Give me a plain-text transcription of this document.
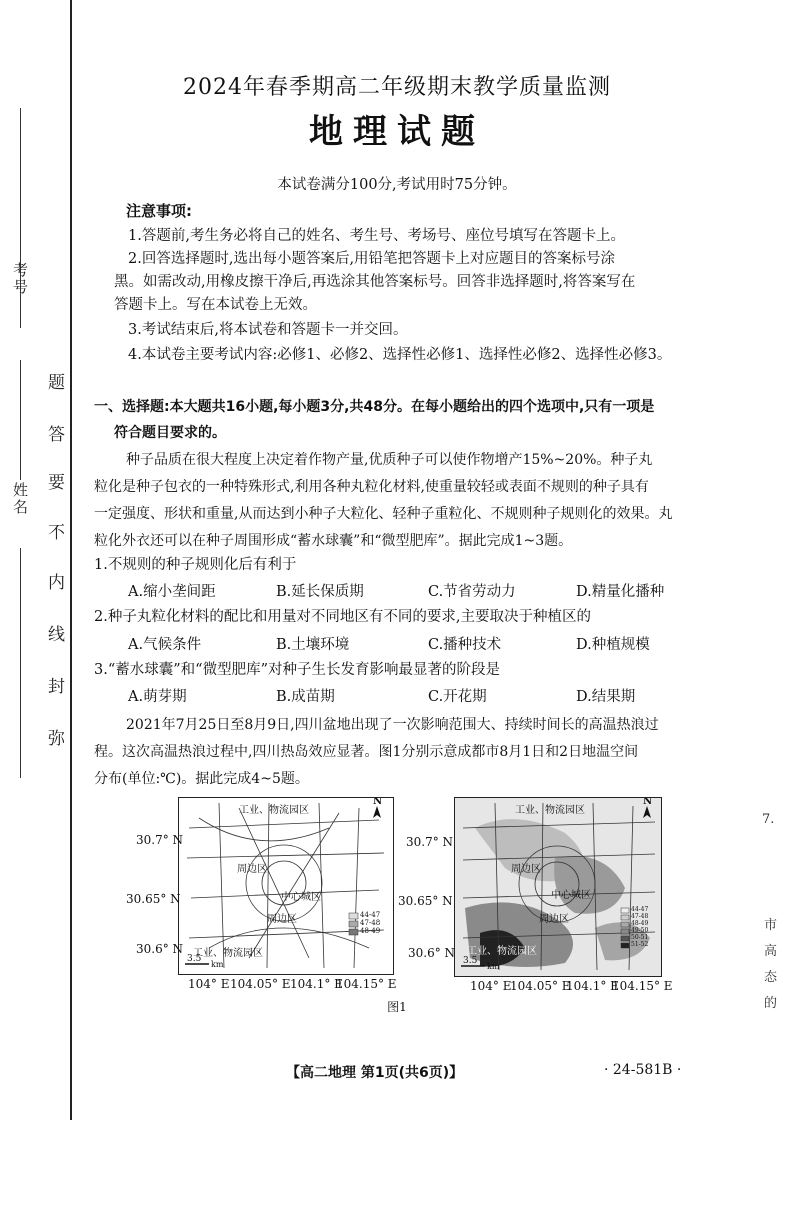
考号
姓名
题
答
要
不
内
线
封
弥
2024年春季期高二年级期末教学质量监测
地理试题
本试卷满分100分,考试用时75分钟。
注意事项:
1.答题前,考生务必将自己的姓名、考生号、考场号、座位号填写在答题卡上。
2.回答选择题时,选出每小题答案后,用铅笔把答题卡上对应题目的答案标号涂
黑。如需改动,用橡皮擦干净后,再选涂其他答案标号。回答非选择题时,将答案写在
答题卡上。写在本试卷上无效。
3.考试结束后,将本试卷和答题卡一并交回。
4.本试卷主要考试内容:必修1、必修2、选择性必修1、选择性必修2、选择性必修3。
一、选择题:本大题共16小题,每小题3分,共48分。在每小题给出的四个选项中,只有一项是
符合题目要求的。
种子品质在很大程度上决定着作物产量,优质种子可以使作物增产15%~20%。种子丸
粒化是种子包衣的一种特殊形式,利用各种丸粒化材料,使重量较轻或表面不规则的种子具有
一定强度、形状和重量,从而达到小种子大粒化、轻种子重粒化、不规则种子规则化的效果。丸
粒化外衣还可以在种子周围形成“蓄水球囊”和“微型肥库”。据此完成1~3题。
1.不规则的种子规则化后有利于
A.缩小垄间距	B.延长保质期	C.节省劳动力	D.精量化播种
2.种子丸粒化材料的配比和用量对不同地区有不同的要求,主要取决于种植区的
A.气候条件	B.土壤环境	C.播种技术	D.种植规模
3.“蓄水球囊”和“微型肥库”对种子生长发育影响最显著的阶段是
A.萌芽期	B.成苗期	C.开花期	D.结果期
2021年7月25日至8月9日,四川盆地出现了一次影响范围大、持续时间长的高温热浪过
程。这次高温热浪过程中,四川热岛效应显著。图1分别示意成都市8月1日和2日地温空间
分布(单位:℃)。据此完成4~5题。
工业、物流园区
周边区
中心城区
周边区
工业、物流园区
N
3.5
km
44-47
47-48
48-49
工业、物流园区
周边区
中心城区
周边区
工业、物流园区
N
3.5
km
44-47
47-48
48-49
49-50
50-51
51-52
30.7° N
30.65° N
30.6° N
30.7° N
30.65° N
30.6° N
104° E 104.05° E 104.1° E
104.15° E	104° E
104.05° E
104.1° E
104.15° E
图1
【高二地理 第1页(共6页)】	· 24-581B ·
7.
市
高
态
的
